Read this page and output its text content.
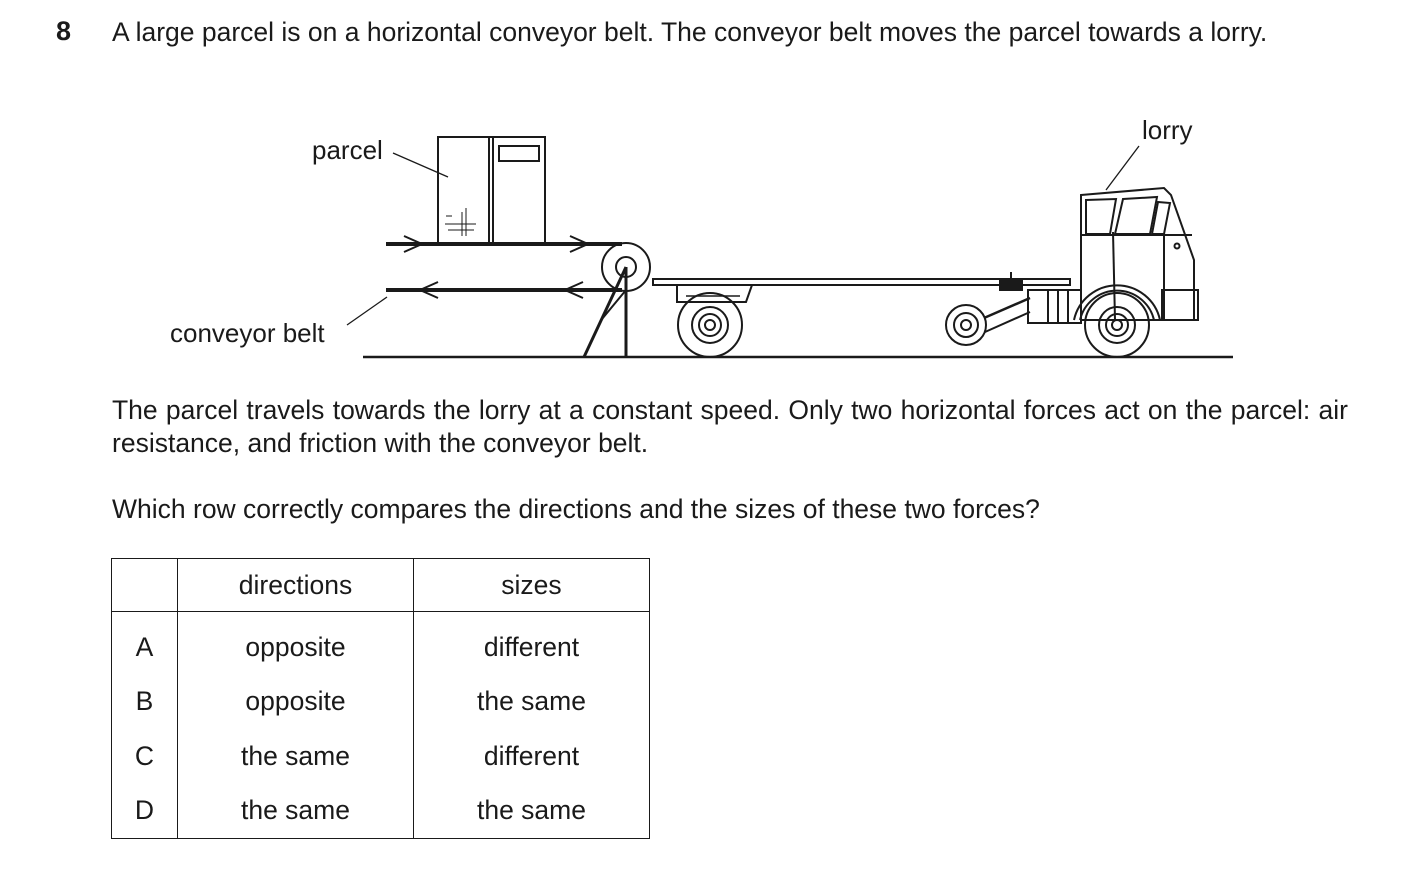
8 A large parcel is on a horizontal conveyor belt. The conveyor belt moves the parcel towards a lorry.
parcel
lorry
conveyor belt
The parcel travels towards the lorry at a constant speed. Only two horizontal forces act on the parcel: air resistance, and friction with the conveyor belt.
Which row correctly compares the directions and the sizes of these two forces?
	directions	sizes
A	opposite	different
B	opposite	the same
C	the same	different
D	the same	the same
